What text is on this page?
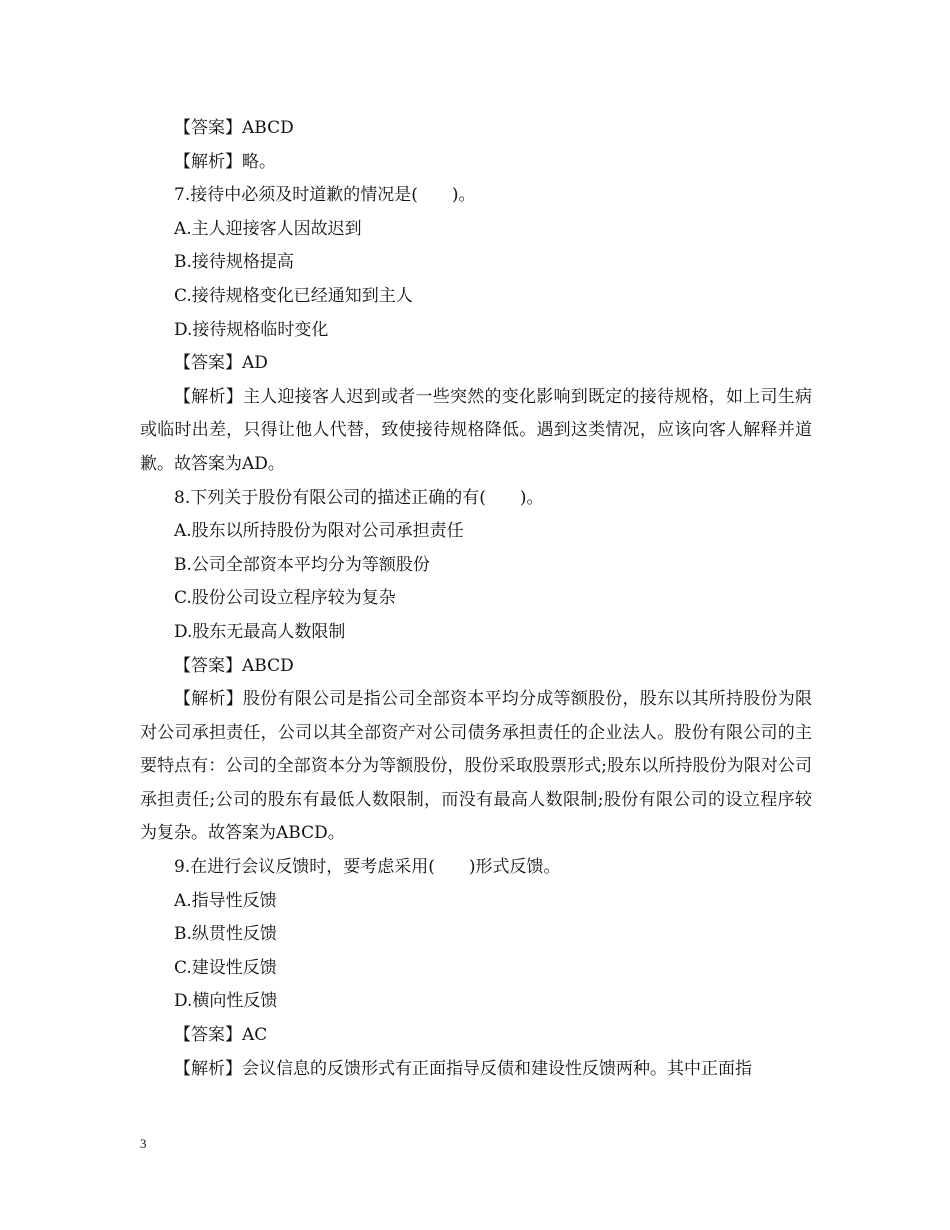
【答案】ABCD
【解析】略。
7.接待中必须及时道歉的情况是(　　)。
A.主人迎接客人因故迟到
B.接待规格提高
C.接待规格变化已经通知到主人
D.接待规格临时变化
【答案】AD

【解析】主人迎接客人迟到或者一些突然的变化影响到既定的接待规格，如上司生病或临时出差，只得让他人代替，致使接待规格降低。遇到这类情况，应该向客人解释并道歉。故答案为AD。

8.下列关于股份有限公司的描述正确的有(　　)。
A.股东以所持股份为限对公司承担责任
B.公司全部资本平均分为等额股份
C.股份公司设立程序较为复杂
D.股东无最高人数限制
【答案】ABCD

【解析】股份有限公司是指公司全部资本平均分成等额股份，股东以其所持股份为限对公司承担责任，公司以其全部资产对公司债务承担责任的企业法人。股份有限公司的主要特点有：公司的全部资本分为等额股份，股份采取股票形式;股东以所持股份为限对公司承担责任;公司的股东有最低人数限制，而没有最高人数限制;股份有限公司的设立程序较为复杂。故答案为ABCD。

9.在进行会议反馈时，要考虑采用(　　)形式反馈。
A.指导性反馈
B.纵贯性反馈
C.建设性反馈
D.横向性反馈
【答案】AC
【解析】会议信息的反馈形式有正面指导反债和建设性反馈两种。其中正面指
3
